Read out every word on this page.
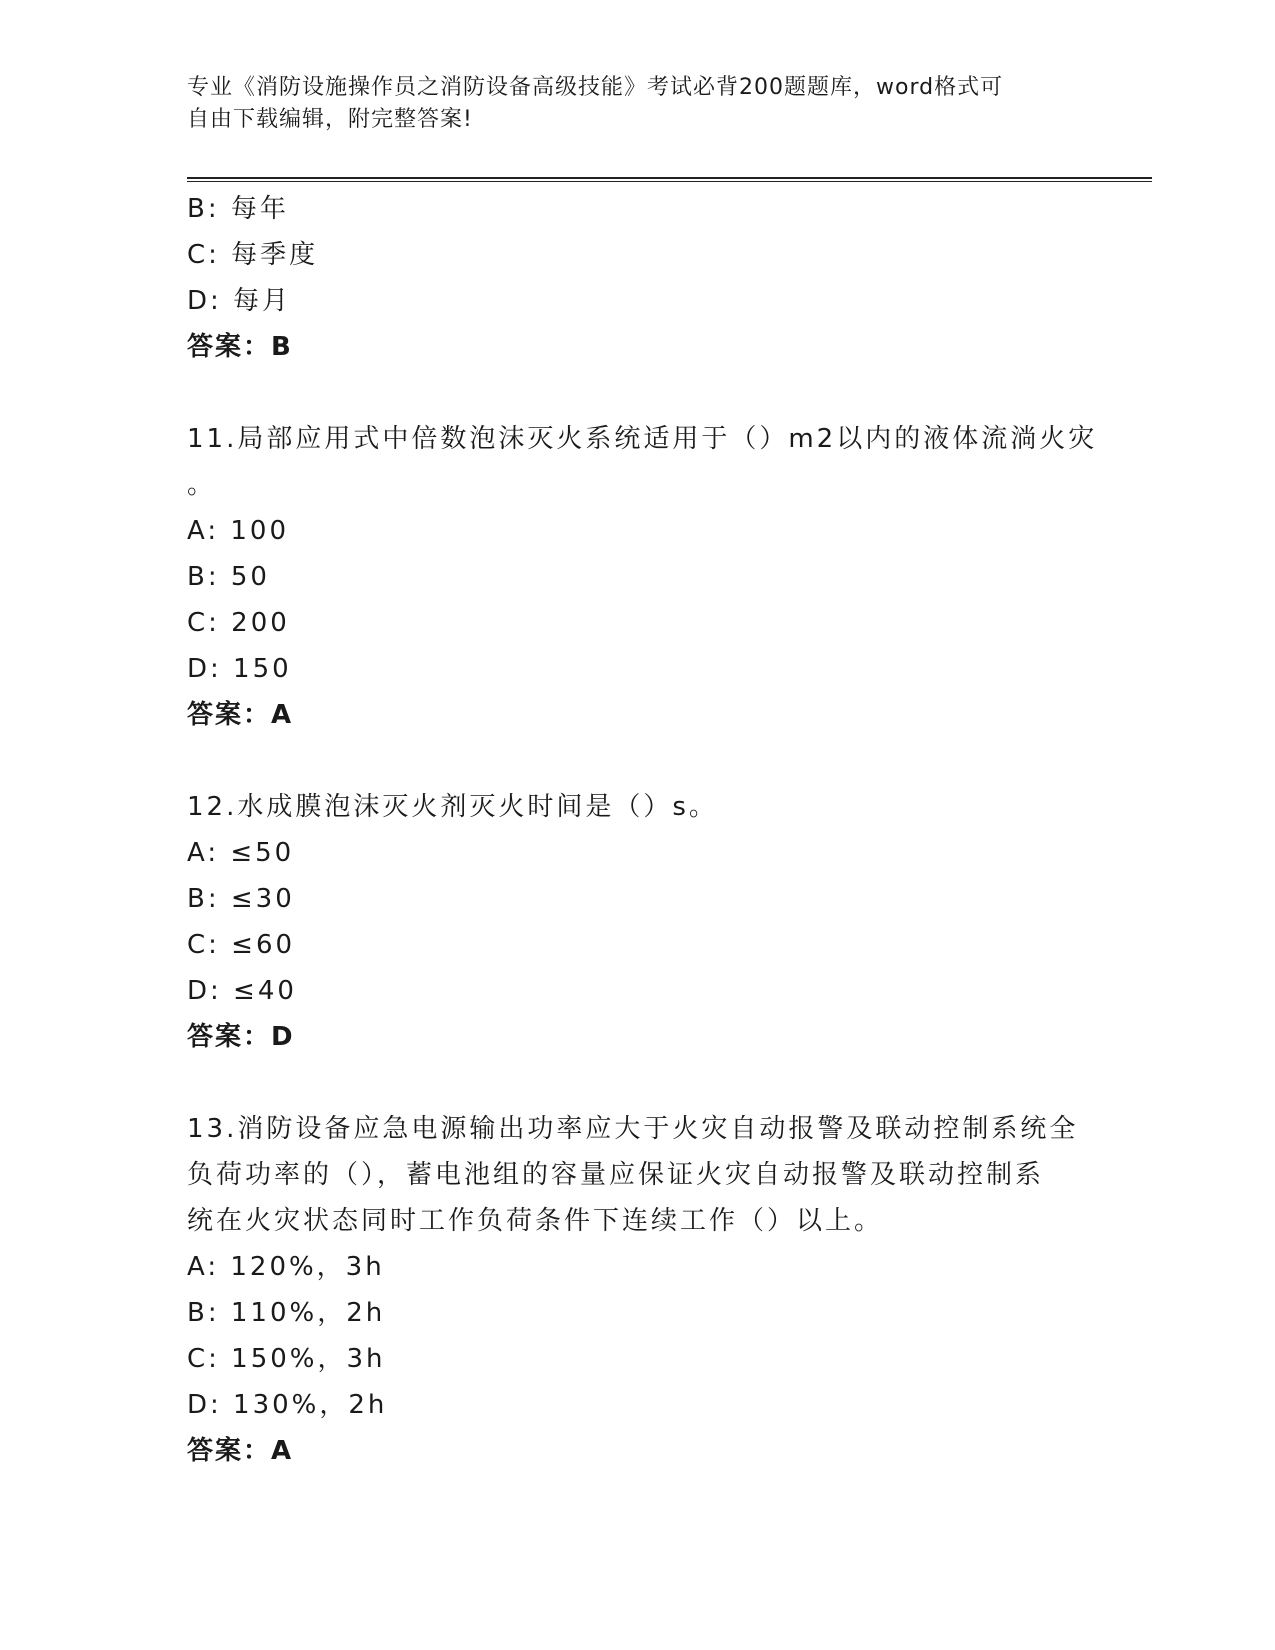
专业《消防设施操作员之消防设备高级技能》考试必背200题题库，word格式可
自由下载编辑，附完整答案!
B: 每年
C: 每季度
D: 每月
答案：B
11.局部应用式中倍数泡沫灭火系统适用于（）m2以内的液体流淌火灾
。
A: 100
B: 50
C: 200
D: 150
答案：A
12.水成膜泡沫灭火剂灭火时间是（）s。
A: ≤50
B: ≤30
C: ≤60
D: ≤40
答案：D
13.消防设备应急电源输出功率应大于火灾自动报警及联动控制系统全
负荷功率的（），蓄电池组的容量应保证火灾自动报警及联动控制系
统在火灾状态同时工作负荷条件下连续工作（）以上。
A: 120%，3h
B: 110%，2h
C: 150%，3h
D: 130%，2h
答案：A
